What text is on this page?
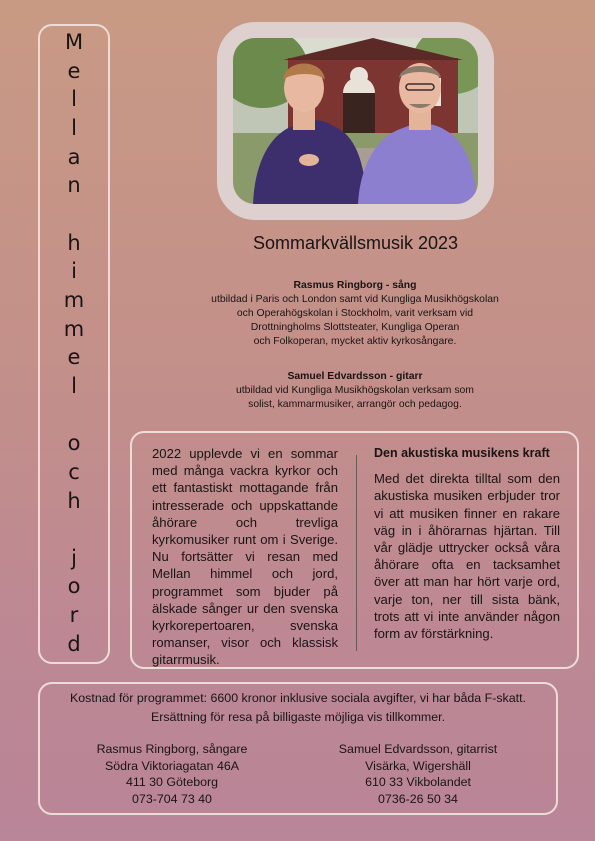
M
e
l
l
a
n

h
i
m
m
e
l

o
c
h

j
o
r
d
Sommarkvällsmusik 2023
Rasmus Ringborg - sång
utbildad i Paris och London samt vid Kungliga Musikhögskolan
och Operahögskolan i Stockholm, varit verksam vid
Drottningholms Slottsteater, Kungliga Operan
och Folkoperan, mycket aktiv kyrkosångare.
Samuel Edvardsson - gitarr
utbildad vid Kungliga Musikhögskolan verksam som
solist, kammarmusiker, arrangör och pedagog.
2022 upplevde vi en sommar med många vackra kyrkor och ett fantastiskt mottagande från intresserade och uppskattande åhörare och trevliga kyrkomusiker runt om i Sverige. Nu fortsätter vi resan med Mellan himmel och jord, programmet som bjuder på älskade sånger ur den svenska kyrkorepertoaren, svenska romanser, visor och klassisk gitarrmusik.
Den akustiska musikens kraft
Med det direkta tilltal som den akustiska musiken erbjuder tror vi att musiken finner en rakare väg in i åhörarnas hjärtan. Till vår glädje uttrycker också våra åhörare ofta en tacksamhet över att man har hört varje ord, varje ton, ner till sista bänk, trots att vi inte använder någon form av förstärkning.
Kostnad för programmet: 6600 kronor inklusive sociala avgifter, vi har båda F-skatt.
Ersättning för resa på billigaste möjliga vis tillkommer.
Rasmus Ringborg, sångare
Södra Viktoriagatan 46A
411 30 Göteborg
073-704 73 40
Samuel Edvardsson, gitarrist
Visärka, Wigershäll
610 33 Vikbolandet
0736-26 50 34
